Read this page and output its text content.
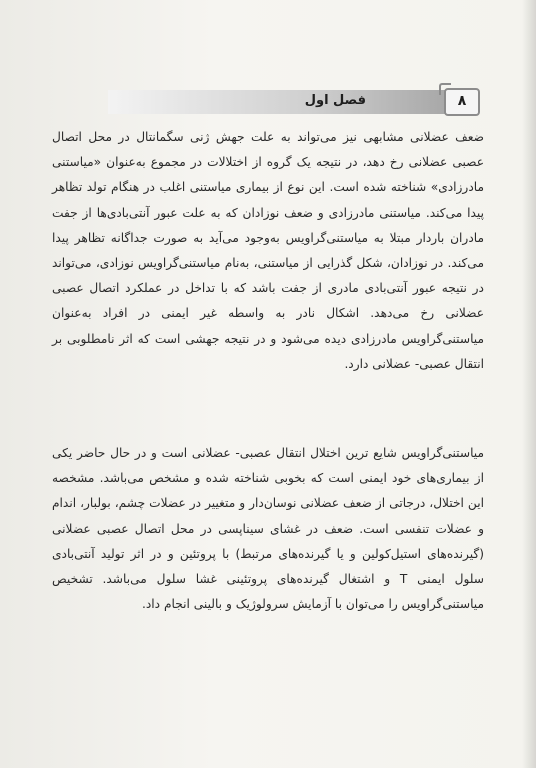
فصل اول	۸

ضعف عضلانی مشابهی نیز می‌تواند به علت جهش ژنی سگمانتال در محل اتصال عصبی عضلانی رخ دهد، در نتیجه یک گروه از اختلالات در مجموع به‌عنوان «میاستنی مادرزادی» شناخته شده است. این نوع از بیماری میاستنی اغلب در هنگام تولد تظاهر پیدا می‌کند. میاستنی مادرزادی و ضعف نوزادان که به علت عبور آنتی‌بادی‌ها از جفت مادران باردار مبتلا به میاستنی‌گراویس به‌وجود می‌آید به صورت جداگانه تظاهر پیدا می‌کند. در نوزادان، شکل گذرایی از میاستنی، به‌نام میاستنی‌گراویس نوزادی، می‌تواند در نتیجه عبور آنتی‌بادی مادری از جفت باشد که با تداخل در عملکرد اتصال عصبی عضلانی رخ می‌دهد. اشکال نادر به واسطه غیر ایمنی در افراد به‌عنوان میاستنی‌گراویس مادرزادی دیده می‌شود و در نتیجه جهشی است که اثر نامطلوبی بر انتقال عصبی- عضلانی دارد.

میاستنی‌گراویس شایع ترین اختلال انتقال عصبی- عضلانی است و در حال حاضر یکی از بیماری‌های خود ایمنی است که بخوبی شناخته شده و مشخص می‌باشد. مشخصه این اختلال، درجاتی از ضعف عضلانی نوسان‌دار و متغییر در عضلات چشم، بولبار، اندام و عضلات تنفسی است. ضعف در غشای سیناپسی در محل اتصال عصبی عضلانی (گیرنده‌های استیل‌کولین و یا گیرنده‌های مرتبط) با پروتئین و در اثر تولید آنتی‌بادی سلول ایمنی T و اشتغال گیرنده‌های پروتئینی غشا سلول می‌باشد. تشخیص میاستنی‌گراویس را می‌توان با آزمایش سرولوژیک و بالینی انجام داد.
